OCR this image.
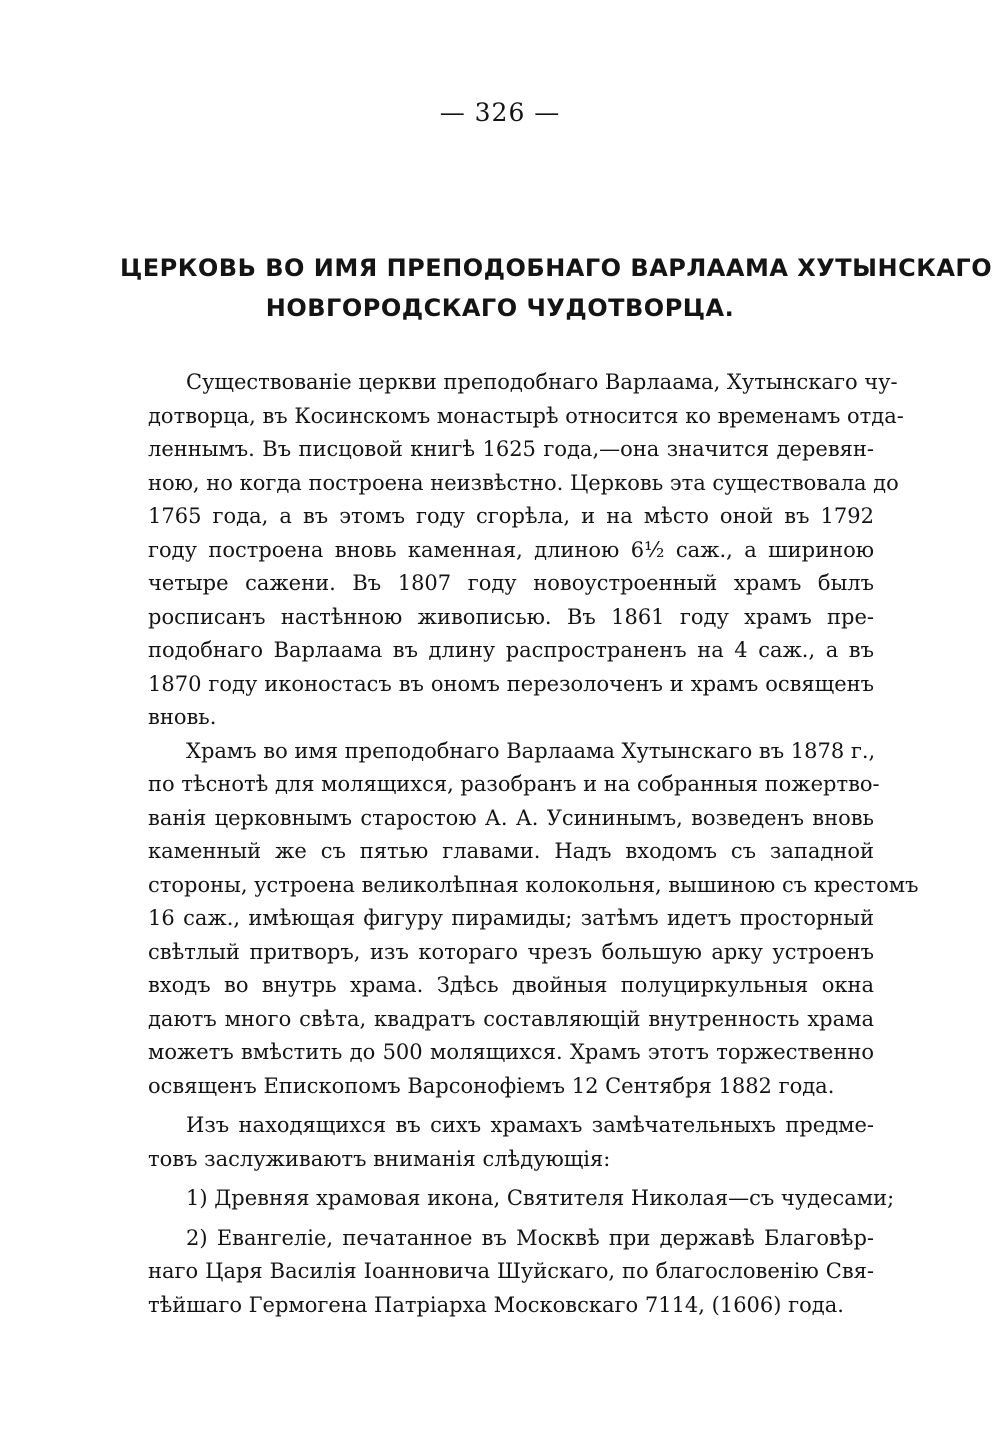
— 326 —
ЦЕРКОВЬ ВО ИМЯ ПРЕПОДОБНАГО ВАРЛААМА ХУТЫНСКАГО
НОВГОРОДСКАГО ЧУДОТВОРЦА.
Существованіе церкви преподобнаго Варлаама, Хутынскаго чу-
дотворца, въ Косинскомъ монастырѣ относится ко временамъ отда-
леннымъ. Въ писцовой книгѣ 1625 года,—она значится деревян-
ною, но когда построена неизвѣстно. Церковь эта существовала до
1765 года, а въ этомъ году сгорѣла, и на мѣсто оной въ 1792
году построена вновь каменная, длиною 6½ саж., а шириною
четыре сажени. Въ 1807 году новоустроенный храмъ былъ
росписанъ настѣнною живописью. Въ 1861 году храмъ пре-
подобнаго Варлаама въ длину распространенъ на 4 саж., а въ
1870 году иконостасъ въ ономъ перезолоченъ и храмъ освященъ
вновь.
Храмъ во имя преподобнаго Варлаама Хутынскаго въ 1878 г.,
по тѣснотѣ для молящихся, разобранъ и на собранныя пожертво-
ванія церковнымъ старостою А. А. Усининымъ, возведенъ вновь
каменный же съ пятью главами. Надъ входомъ съ западной
стороны, устроена великолѣпная колокольня, вышиною съ крестомъ
16 саж., имѣющая фигуру пирамиды; затѣмъ идетъ просторный
свѣтлый притворъ, изъ котораго чрезъ большую арку устроенъ
входъ во внутрь храма. Здѣсь двойныя полуциркульныя окна
даютъ много свѣта, квадратъ составляющій внутренность храма
можетъ вмѣстить до 500 молящихся. Храмъ этотъ торжественно
освященъ Епископомъ Варсонофіемъ 12 Сентября 1882 года.
Изъ находящихся въ сихъ храмахъ замѣчательныхъ предме-
товъ заслуживаютъ вниманія слѣдующія:
1) Древняя храмовая икона, Святителя Николая—съ чудесами;
2) Евангеліе, печатанное въ Москвѣ при державѣ Благовѣр-
наго Царя Василія Іоанновича Шуйскаго, по благословенію Свя-
тѣйшаго Гермогена Патріарха Московскаго 7114, (1606) года.
